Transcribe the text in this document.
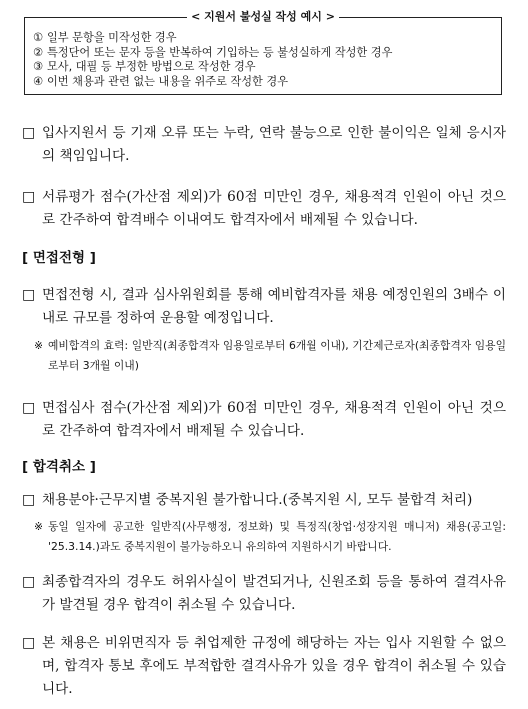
< 지원서 불성실 작성 예시 >
① 일부 문항을 미작성한 경우
② 특정단어 또는 문자 등을 반복하여 기입하는 등 불성실하게 작성한 경우
③ 모사, 대필 등 부정한 방법으로 작성한 경우
④ 이번 채용과 관련 없는 내용을 위주로 작성한 경우
□ 입사지원서 등 기재 오류 또는 누락, 연락 불능으로 인한 불이익은 일체 응시자의 책임입니다.
□ 서류평가 점수(가산점 제외)가 60점 미만인 경우, 채용적격 인원이 아닌 것으로 간주하여 합격배수 이내여도 합격자에서 배제될 수 있습니다.
[ 면접전형 ]
□ 면접전형 시, 결과 심사위원회를 통해 예비합격자를 채용 예정인원의 3배수 이내로 규모를 정하여 운용할 예정입니다.
※ 예비합격의 효력: 일반직(최종합격자 임용일로부터 6개월 이내), 기간제근로자(최종합격자 임용일로부터 3개월 이내)
□ 면접심사 점수(가산점 제외)가 60점 미만인 경우, 채용적격 인원이 아닌 것으로 간주하여 합격자에서 배제될 수 있습니다.
[ 합격취소 ]
□ 채용분야·근무지별 중복지원 불가합니다.(중복지원 시, 모두 불합격 처리)
※ 동일 일자에 공고한 일반직(사무행정, 정보화) 및 특정직(창업·성장지원 매니저) 채용(공고일: '25.3.14.)과도 중복지원이 불가능하오니 유의하여 지원하시기 바랍니다.
□ 최종합격자의 경우도 허위사실이 발견되거나, 신원조회 등을 통하여 결격사유가 발견될 경우 합격이 취소될 수 있습니다.
□ 본 채용은 비위면직자 등 취업제한 규정에 해당하는 자는 입사 지원할 수 없으며, 합격자 통보 후에도 부적합한 결격사유가 있을 경우 합격이 취소될 수 있습니다.
